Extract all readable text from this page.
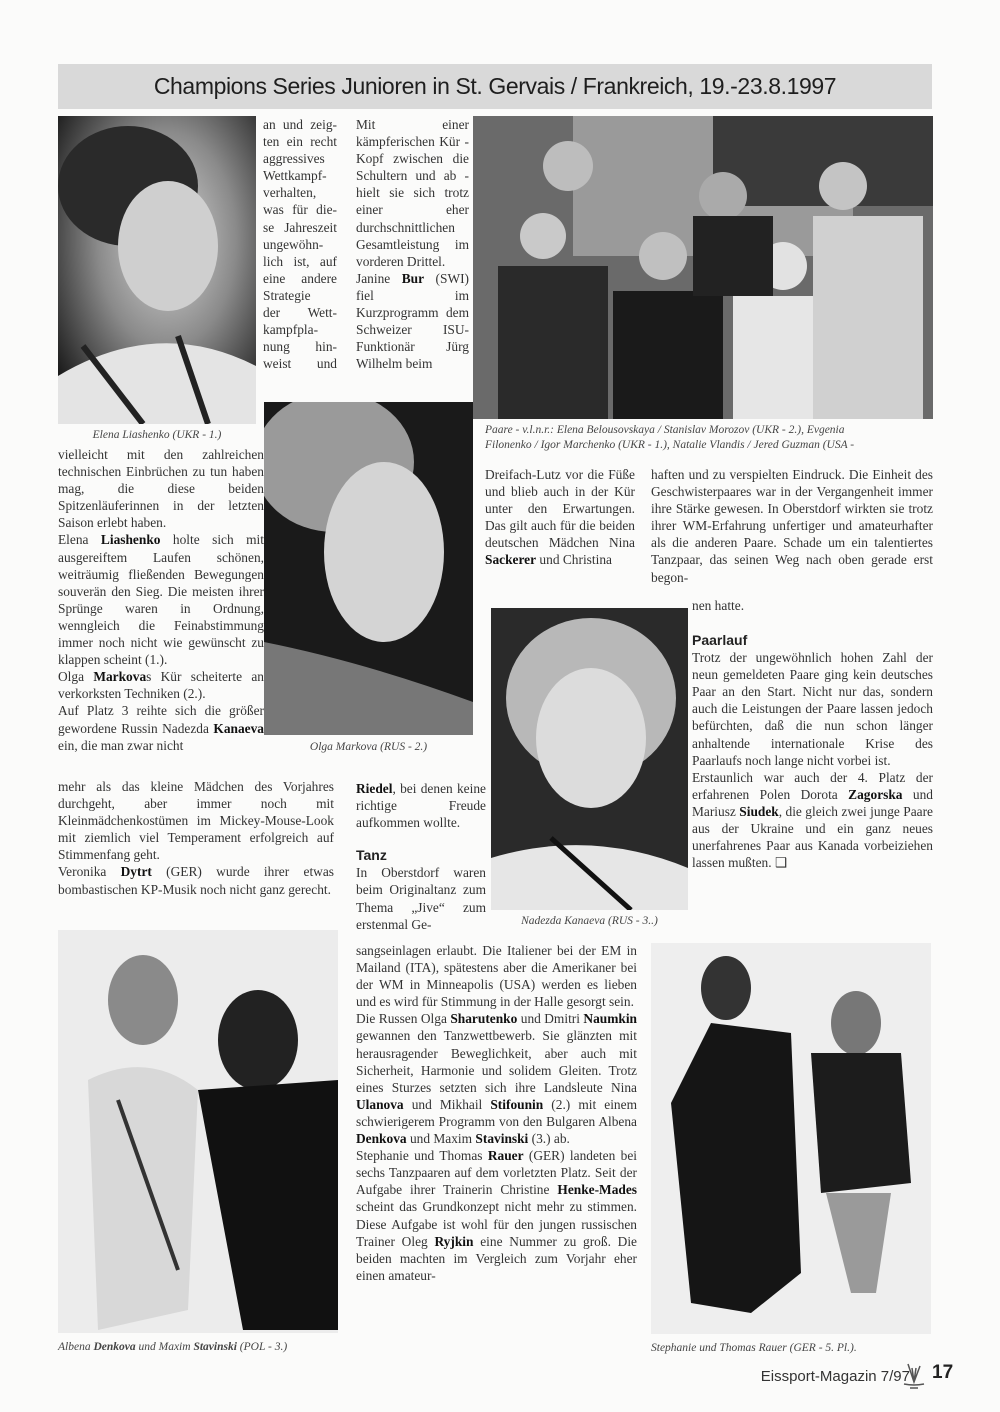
Champions Series Junioren in St. Gervais / Frankreich, 19.-23.8.1997
Elena Liashenko (UKR - 1.)
an und zeig-
ten ein recht
aggressives
Wettkampf-
verhalten,
was für die-
se Jahreszeit
ungewöhn-
lich ist, auf
eine andere
Strategie
der Wett-
kampfpla-
nung hin-
weist und

Mit einer kämpferischen Kür - Kopf zwischen die Schultern und ab - hielt sie sich trotz einer eher durchschnittlichen Gesamtleistung im vorderen Drittel.

Janine Bur (SWI) fiel im Kurzprogramm dem Schweizer ISU-Funktionär Jürg Wilhelm beim

Paare - v.l.n.r.: Elena Belousovskaya / Stanislav Morozov (UKR - 2.), Evgenia
Filonenko / Igor Marchenko (UKR - 1.), Natalie Vlandis / Jered Guzman (USA -

vielleicht mit den zahlreichen technischen Einbrüchen zu tun haben mag, die diese beiden Spitzenläuferinnen in der letzten Saison erlebt haben.

Elena Liashenko holte sich mit ausgereiftem Laufen schönen, weiträumig fließenden Bewegungen souverän den Sieg. Die meisten ihrer Sprünge waren in Ordnung, wenngleich die Feinabstimmung immer noch nicht wie gewünscht zu klappen scheint (1.).

Olga Markovas Kür scheiterte an verkorksten Techniken (2.).

Auf Platz 3 reihte sich die größer gewordene Russin Nadezda Kanaeva ein, die man zwar nicht

mehr als das kleine Mädchen des Vorjahres durchgeht, aber immer noch mit Kleinmädchenkostümen im Mickey-Mouse-Look mit ziemlich viel Temperament erfolgreich auf Stimmenfang geht.

Veronika Dytrt (GER) wurde ihrer etwas bombastischen KP-Musik noch nicht ganz gerecht.

Olga Markova (RUS - 2.)

Dreifach-Lutz vor die Füße und blieb auch in der Kür unter den Erwartungen. Das gilt auch für die beiden deutschen Mädchen Nina Sackerer und Christina

haften und zu verspielten Eindruck. Die Einheit des Geschwisterpaares war in der Vergangenheit immer ihre Stärke gewesen. In Oberstdorf wirkten sie trotz ihrer WM-Erfahrung unfertiger und amateurhafter als die anderen Paare. Schade um ein talentiertes Tanzpaar, das seinen Weg nach oben gerade erst begon-

nen hatte.
Paarlauf

Trotz der ungewöhnlich hohen Zahl der neun gemeldeten Paare ging kein deutsches Paar an den Start. Nicht nur das, sondern auch die Leistungen der Paare lassen jedoch befürchten, daß die nun schon länger anhaltende internationale Krise des Paarlaufs noch lange nicht vorbei ist.

Erstaunlich war auch der 4. Platz der erfahrenen Polen Dorota Zagorska und Mariusz Siudek, die gleich zwei junge Paare aus der Ukraine und ein ganz neues unerfahrenes Paar aus Kanada vorbeiziehen lassen mußten. ❑

Nadezda Kanaeva (RUS - 3..)

Riedel, bei denen keine richtige Freude aufkommen wollte.

Tanz

In Oberstdorf waren beim Originaltanz zum Thema „Jive“ zum erstenmal Ge-

sangseinlagen erlaubt. Die Italiener bei der EM in Mailand (ITA), spätestens aber die Amerikaner bei der WM in Minneapolis (USA) werden es lieben und es wird für Stimmung in der Halle gesorgt sein.

Die Russen Olga Sharutenko und Dmitri Naumkin gewannen den Tanzwettbewerb. Sie glänzten mit herausragender Beweglichkeit, aber auch mit Sicherheit, Harmonie und solidem Gleiten. Trotz eines Sturzes setzten sich ihre Landsleute Nina Ulanova und Mikhail Stifounin (2.) mit einem schwierigerem Programm von den Bulgaren Albena Denkova und Maxim Stavinski (3.) ab.

Stephanie und Thomas Rauer (GER) landeten bei sechs Tanzpaaren auf dem vorletzten Platz. Seit der Aufgabe ihrer Trainerin Christine Henke-Mades scheint das Grundkonzept nicht mehr zu stimmen. Diese Aufgabe ist wohl für den jungen russischen Trainer Oleg Ryjkin eine Nummer zu groß. Die beiden machten im Vergleich zum Vorjahr eher einen amateur-

Albena Denkova und Maxim Stavinski (POL - 3.)	Stephanie und Thomas Rauer (GER - 5. Pl.).
Eissport-Magazin 7/97 17
